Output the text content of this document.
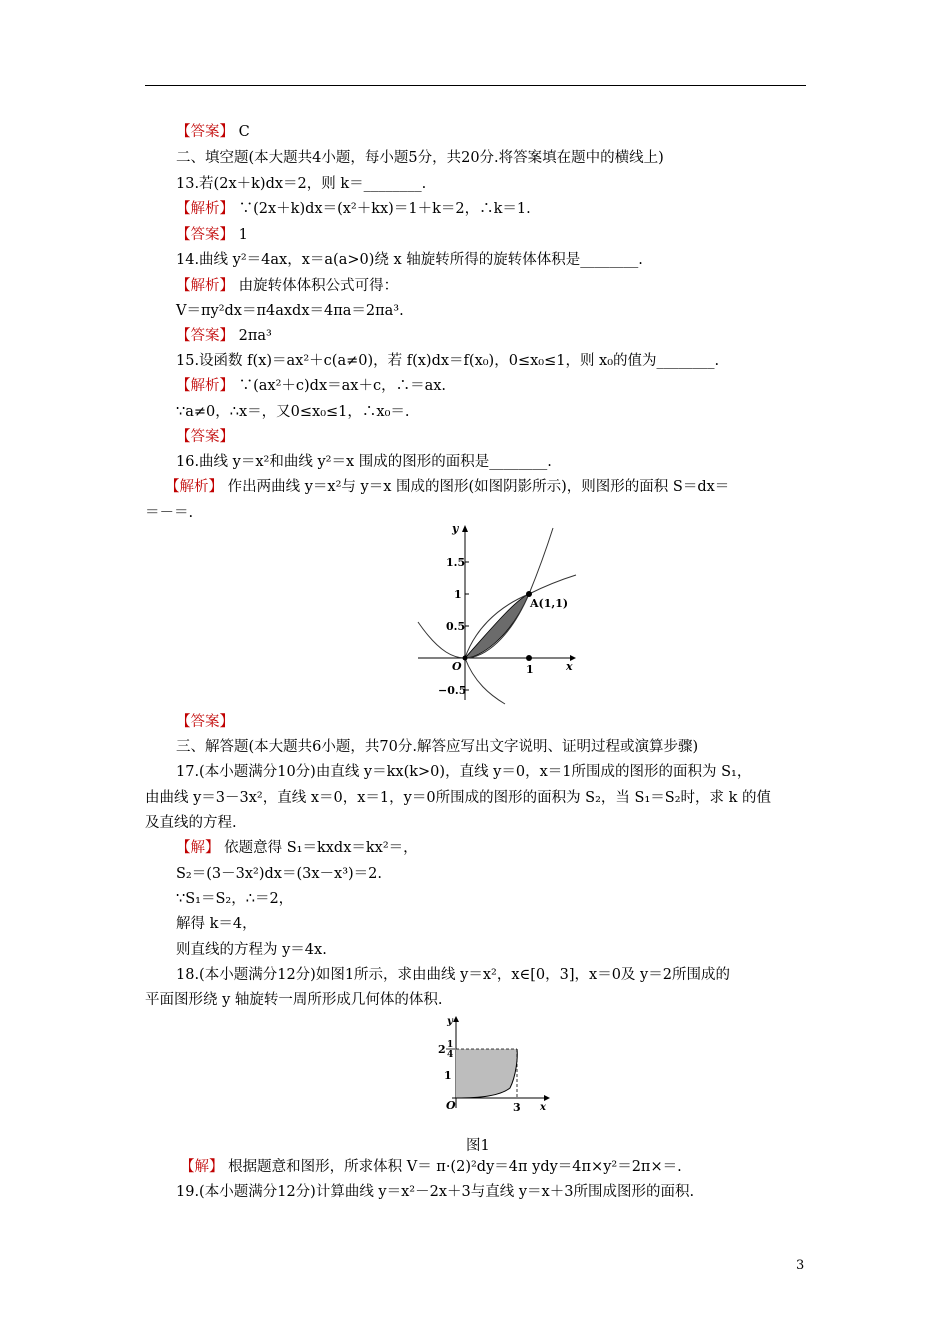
【答案】 C
二、填空题(本大题共4小题，每小题5分，共20分.将答案填在题中的横线上)
13.若(2x＋k)dx＝2，则 k＝________.
【解析】 ∵(2x＋k)dx＝(x²＋kx)＝1＋k＝2，∴k＝1.
【答案】 1
14.曲线 y²＝4ax，x＝a(a>0)绕 x 轴旋转所得的旋转体体积是________.
【解析】 由旋转体体积公式可得：
V＝πy²dx＝π4axdx＝4πa＝2πa³.
【答案】 2πa³
15.设函数 f(x)＝ax²＋c(a≠0)，若 f(x)dx＝f(x₀)，0≤x₀≤1，则 x₀的值为________.
【解析】 ∵(ax²＋c)dx＝ax＋c，∴＝ax.
∵a≠0，∴x＝，又0≤x₀≤1，∴x₀＝.
【答案】
16.曲线 y＝x²和曲线 y²＝x 围成的图形的面积是________.
【解析】 作出两曲线 y＝x²与 y＝x 围成的图形(如图阴影所示)，则图形的面积 S＝dx＝
＝－＝.
y
x
1.5
1
0.5
O
−0.5
1
A(1,1)
【答案】
三、解答题(本大题共6小题，共70分.解答应写出文字说明、证明过程或演算步骤)
17.(本小题满分10分)由直线 y＝kx(k>0)，直线 y＝0，x＝1所围成的图形的面积为 S₁，
由曲线 y＝3－3x²，直线 x＝0，x＝1，y＝0所围成的图形的面积为 S₂，当 S₁＝S₂时，求 k 的值
及直线的方程.
【解】 依题意得 S₁＝kxdx＝kx²＝，
S₂＝(3－3x²)dx＝(3x－x³)＝2.
∵S₁＝S₂，∴＝2，
解得 k＝4，
则直线的方程为 y＝4x.
18.(本小题满分12分)如图1所示，求由曲线 y＝x²，x∈[0，3]，x＝0及 y＝2所围成的
平面图形绕 y 轴旋转一周所形成几何体的体积.
y
x
2
1
4
1
O	3
图1
【解】 根据题意和图形，所求体积 V＝ π·(2)²dy＝4π ydy＝4π×y²＝2π×＝.
19.(本小题满分12分)计算曲线 y＝x²－2x＋3与直线 y＝x＋3所围成图形的面积.
3
